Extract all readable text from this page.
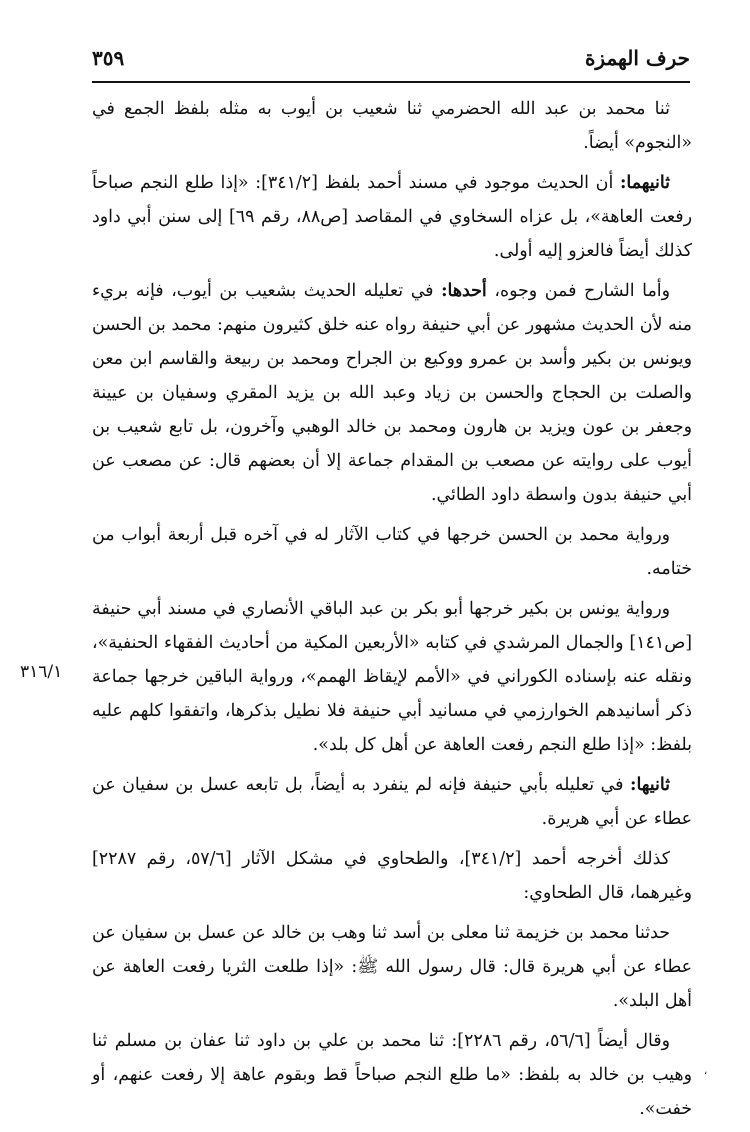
حرف الهمزة
٣٥٩

ثنا محمد بن عبد الله الحضرمي ثنا شعيب بن أيوب به مثله بلفظ الجمع في «النجوم» أيضاً.

ثانيهما: أن الحديث موجود في مسند أحمد بلفظ [٣٤١/٢]: «إذا طلع النجم صباحاً رفعت العاهة»، بل عزاه السخاوي في المقاصد [ص٨٨، رقم ٦٩] إلى سنن أبي داود كذلك أيضاً فالعزو إليه أولى.

وأما الشارح فمن وجوه، أحدها: في تعليله الحديث بشعيب بن أيوب، فإنه بريء منه لأن الحديث مشهور عن أبي حنيفة رواه عنه خلق كثيرون منهم: محمد بن الحسن ويونس بن بكير وأسد بن عمرو ووكيع بن الجراح ومحمد بن ربيعة والقاسم ابن معن والصلت بن الحجاج والحسن بن زياد وعبد الله بن يزيد المقري وسفيان بن عيينة وجعفر بن عون ويزيد بن هارون ومحمد بن خالد الوهبي وآخرون، بل تابع شعيب بن أيوب على روايته عن مصعب بن المقدام جماعة إلا أن بعضهم قال: عن مصعب عن أبي حنيفة بدون واسطة داود الطائي.

ورواية محمد بن الحسن خرجها في كتاب الآثار له في آخره قبل أربعة أبواب من ختامه.

ورواية يونس بن بكير خرجها أبو بكر بن عبد الباقي الأنصاري في مسند أبي حنيفة [ص١٤١] والجمال المرشدي في كتابه «الأربعين المكية من أحاديث الفقهاء الحنفية»، ونقله عنه بإسناده الكوراني في «الأمم لإيقاظ الهمم»، ورواية الباقين خرجها جماعة ذكر أسانيدهم الخوارزمي في مسانيد أبي حنيفة فلا نطيل بذكرها، واتفقوا كلهم عليه بلفظ: «إذا طلع النجم رفعت العاهة عن أهل كل بلد».

ثانيها: في تعليله بأبي حنيفة فإنه لم ينفرد به أيضاً، بل تابعه عسل بن سفيان عن عطاء عن أبي هريرة.

كذلك أخرجه أحمد [٣٤١/٢]، والطحاوي في مشكل الآثار [٥٧/٦، رقم ٢٢٨٧] وغيرهما، قال الطحاوي:

حدثنا محمد بن خزيمة ثنا معلى بن أسد ثنا وهب بن خالد عن عسل بن سفيان عن عطاء عن أبي هريرة قال: قال رسول الله ﷺ: «إذا طلعت الثريا رفعت العاهة عن أهل البلد».

وقال أيضاً [٥٦/٦، رقم ٢٢٨٦]: ثنا محمد بن علي بن داود ثنا عفان بن مسلم ثنا وهيب بن خالد به بلفظ: «ما طلع النجم صباحاً قط وبقوم عاهة إلا رفعت عنهم، أو خفت».

٣١٦/١
،
